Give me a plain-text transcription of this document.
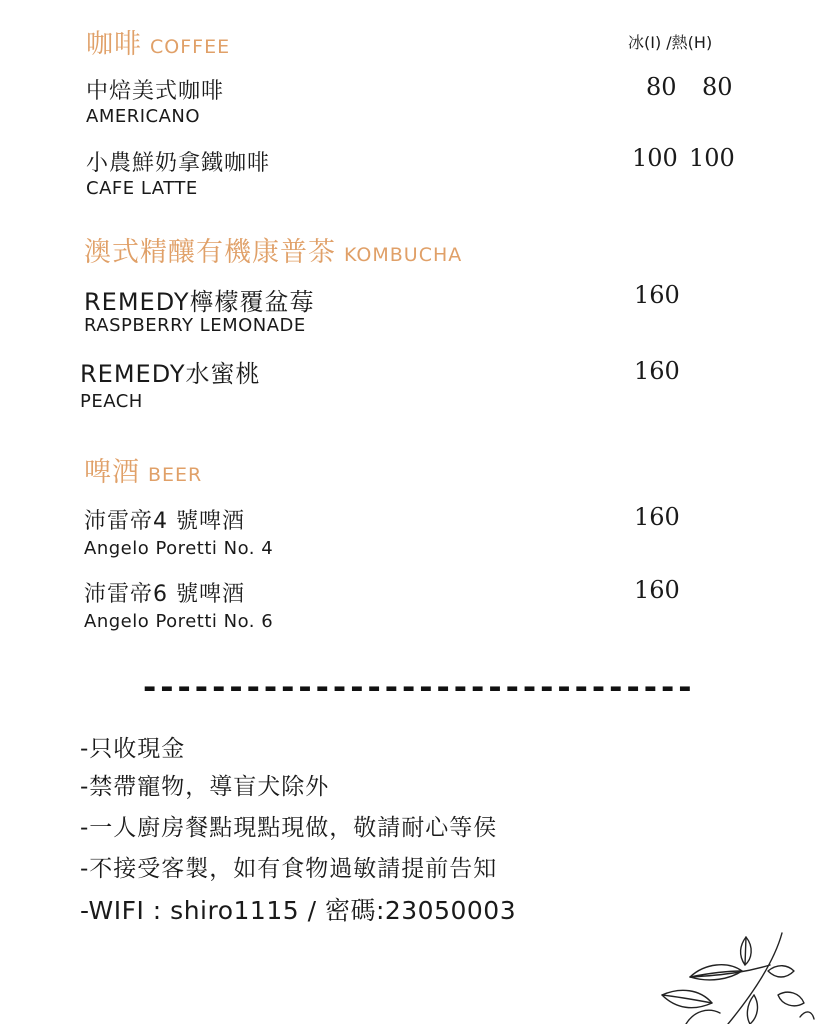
咖啡 COFFEE	冰(I) /熱(H)
中焙美式咖啡
AMERICANO
80 80
小農鮮奶拿鐵咖啡
CAFE LATTE
100 100
澳式精釀有機康普茶 KOMBUCHA
REMEDY檸檬覆盆莓
RASPBERRY LEMONADE
160
REMEDY水蜜桃
PEACH
160
啤酒 BEER
沛雷帝4 號啤酒
Angelo Poretti No. 4
160
沛雷帝6 號啤酒
Angelo Poretti No. 6
160
--------------------------------
-只收現金
-禁帶寵物，導盲犬除外
-一人廚房餐點現點現做，敬請耐心等侯
-不接受客製，如有食物過敏請提前告知
-WIFI : shiro1115 / 密碼:23050003
